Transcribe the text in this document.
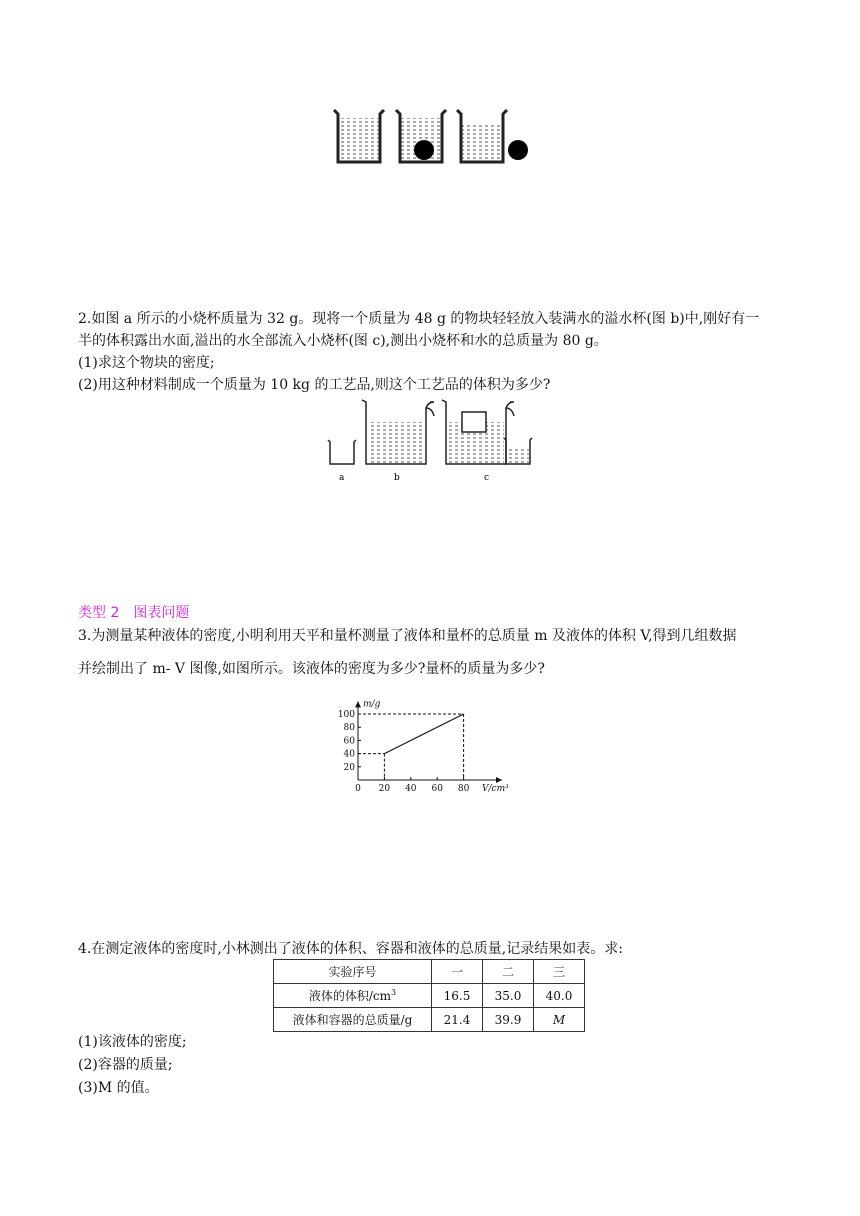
2.如图 a 所示的小烧杯质量为 32 g。现将一个质量为 48 g 的物块轻轻放入装满水的溢水杯(图 b)中,刚好有一
半的体积露出水面,溢出的水全部流入小烧杯(图 c),测出小烧杯和水的总质量为 80 g。
(1)求这个物块的密度;
(2)用这种材料制成一个质量为 10 kg 的工艺品,则这个工艺品的体积为多少?
a	b	c
类型 2　图表问题
3.为测量某种液体的密度,小明利用天平和量杯测量了液体和量杯的总质量 m 及液体的体积 V,得到几组数据
并绘制出了 m- V 图像,如图所示。该液体的密度为多少?量杯的质量为多少?
0 20 40 60 80
20
40
60
80
100
m/g
V/cm³
4.在测定液体的密度时,小林测出了液体的体积、容器和液体的总质量,记录结果如表。求:
实验序号	一	二	三
液体的体积$/cm^3$	16.5	35.0	40.0
液体和容器的总质量/g	21.4	39.9	M
(1)该液体的密度;
(2)容器的质量;
(3)M 的值。
